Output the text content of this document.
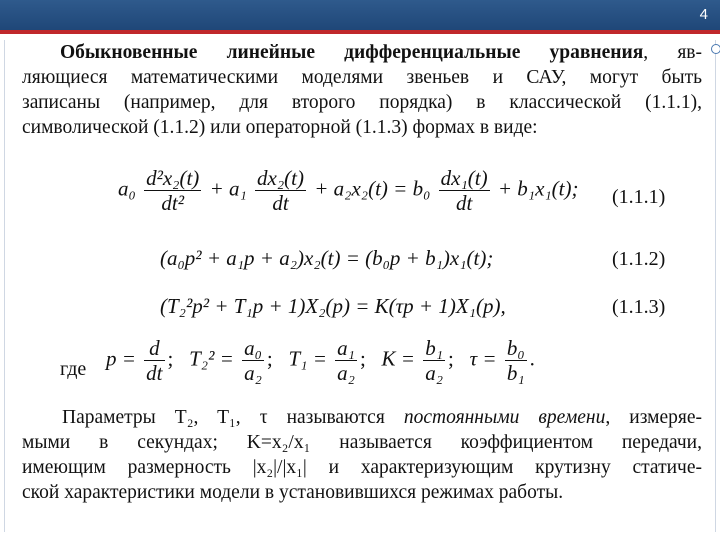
4
Обыкновенные линейные дифференциальные уравнения, яв-
ляющиеся математическими моделями звеньев и САУ, могут быть
записаны (например, для второго порядка) в классической (1.1.1),
символической (1.1.2) или операторной (1.1.3) формах в виде:
$a_0 \frac{\text{d²x₂(t)}}{\text{dt²}} + a_1 \frac{\text{dx₂(t)}}{dt} + a_2x_2(t) = b_0 \frac{\text{dx₁(t)}}{dt} + b_1x_1(t)$; (1.1.1)
(a₀p² + a₁p + a₂)x₂(t) = (b₀p + b₁)x₁(t);	(1.1.2)
(T₂²p² + T₁p + 1)X₂(p) = K(τp + 1)X₁(p),	(1.1.3)
где $p = \frac{d}{dt}$ ; $T_2^2 = \frac{\text{a₀}}{\text{a₂}}$ ; $T_1 = \frac{\text{a₁}}{\text{a₂}}$ ; $K = \frac{\text{b₁}}{\text{a₂}}$ ; $\tau = \frac{\text{b₀}}{\text{b₁}}$ .
Параметры T₂, T₁, τ называются постоянными времени, измеряе-
мыми в секундах; K=x₂/x₁ называется коэффициентом передачи,
имеющим размерность |x₂|/|x₁| и характеризующим крутизну статиче-
ской характеристики модели в установившихся режимах работы.
